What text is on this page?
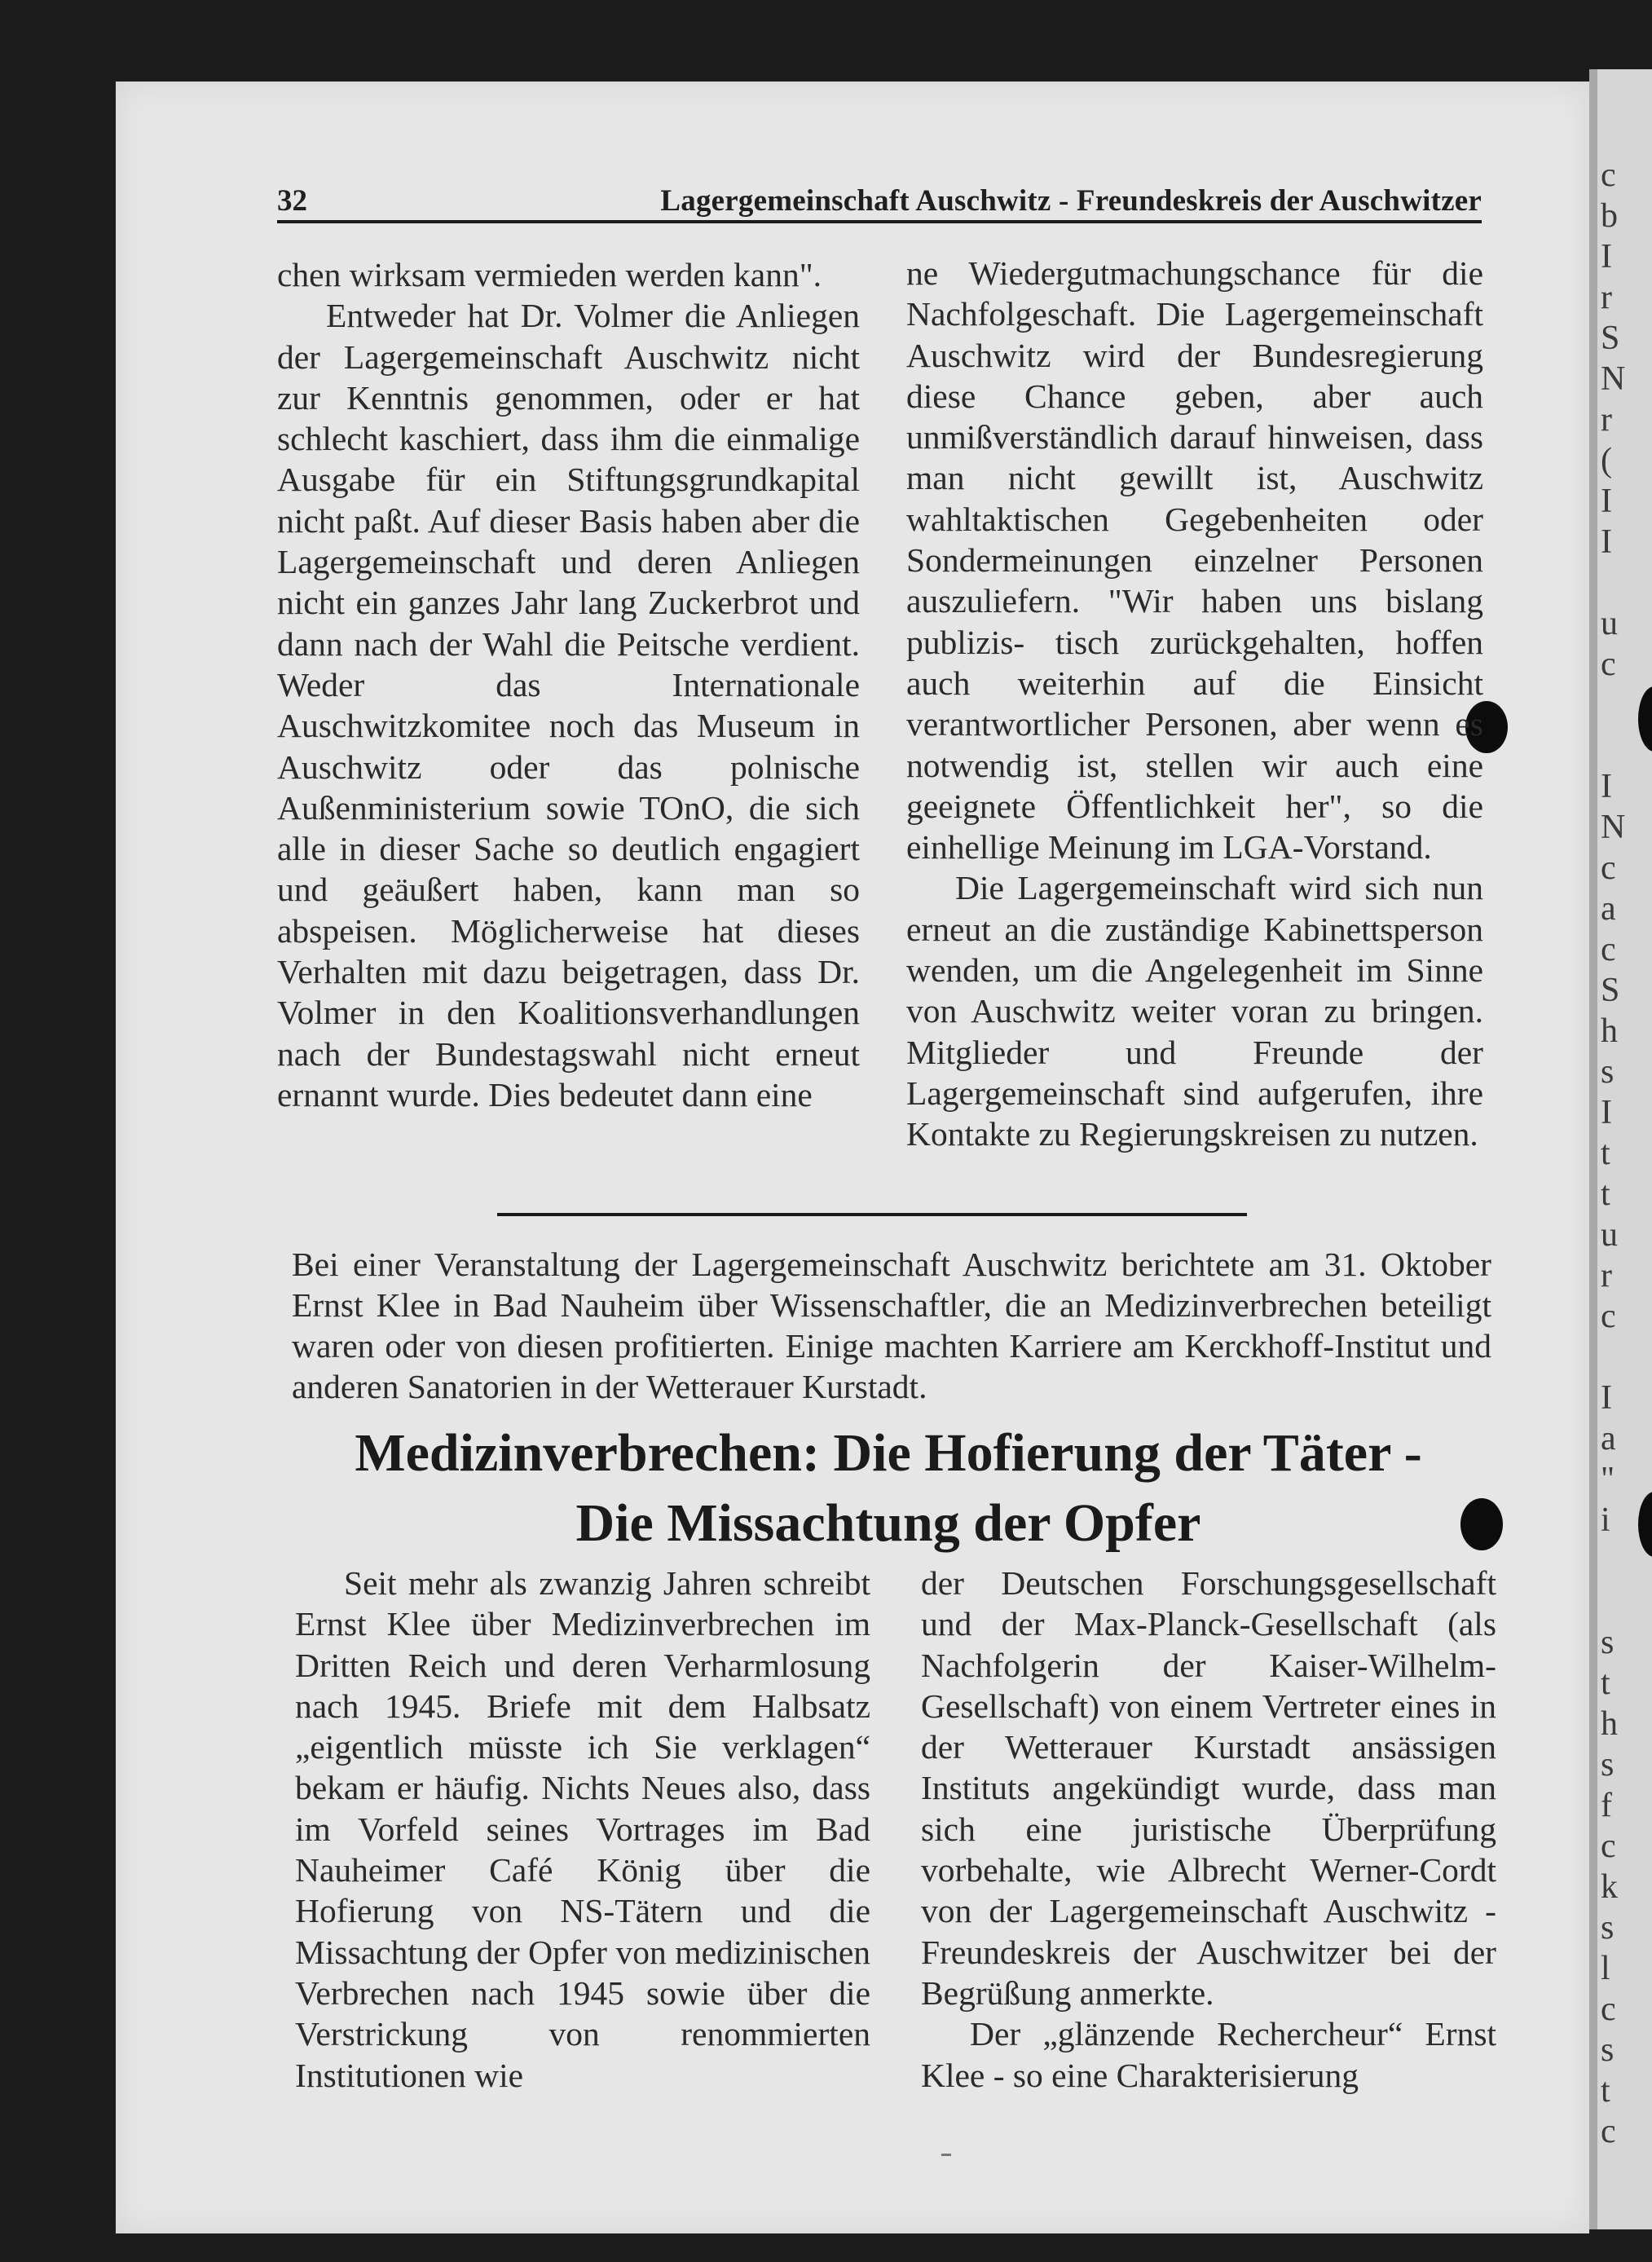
c
b
I
r
S
N
r
(
I
I

u
c

I
N
c
a
c
S
h
s
I
t
t
u
r
c

I
a
"
i

s
t
h
s
f
c
k
s
l
c
s
t
c
32	Lagergemeinschaft Auschwitz - Freundeskreis der Auschwitzer

chen wirksam vermieden werden kann".

Entweder hat Dr. Volmer die Anliegen der Lagergemeinschaft Auschwitz nicht zur Kenntnis genommen, oder er hat schlecht kaschiert, dass ihm die einmalige Ausgabe für ein Stiftungsgrundkapital nicht paßt. Auf dieser Basis haben aber die Lagergemeinschaft und deren Anliegen nicht ein ganzes Jahr lang Zuckerbrot und dann nach der Wahl die Peitsche verdient. Weder das Internationale Auschwitzkomitee noch das Museum in Auschwitz oder das polnische Außenministerium sowie TOnO, die sich alle in dieser Sache so deutlich engagiert und geäußert haben, kann man so abspeisen. Möglicherweise hat dieses Verhalten mit dazu beigetragen, dass Dr. Volmer in den Koalitionsverhandlungen nach der Bundestagswahl nicht erneut ernannt wurde. Dies bedeutet dann eine

ne Wiedergutmachungschance für die Nachfolgeschaft. Die Lagergemeinschaft Auschwitz wird der Bundesregierung diese Chance geben, aber auch unmißverständlich darauf hinweisen, dass man nicht gewillt ist, Auschwitz wahltaktischen Gegebenheiten oder Sondermeinungen einzelner Personen auszuliefern. "Wir haben uns bislang publizis- tisch zurückgehalten, hoffen auch weiterhin auf die Einsicht verantwortlicher Personen, aber wenn es notwendig ist, stellen wir auch eine geeignete Öffentlichkeit her", so die einhellige Meinung im LGA-Vorstand.

Die Lagergemeinschaft wird sich nun erneut an die zuständige Kabinettsperson wenden, um die Angelegenheit im Sinne von Auschwitz weiter voran zu bringen. Mitglieder und Freunde der Lagergemeinschaft sind aufgerufen, ihre Kontakte zu Regierungskreisen zu nutzen.

Bei einer Veranstaltung der Lagergemeinschaft Auschwitz berichtete am 31. Oktober Ernst Klee in Bad Nauheim über Wissenschaftler, die an Medizinverbrechen beteiligt waren oder von diesen profitierten. Einige machten Karriere am Kerckhoff-Institut und anderen Sanatorien in der Wetterauer Kurstadt.

Medizinverbrechen: Die Hofierung der Täter -
Die Missachtung der Opfer

Seit mehr als zwanzig Jahren schreibt Ernst Klee über Medizinverbrechen im Dritten Reich und deren Verharmlosung nach 1945. Briefe mit dem Halbsatz „eigentlich müsste ich Sie verklagen“ bekam er häufig. Nichts Neues also, dass im Vorfeld seines Vortrages im Bad Nauheimer Café König über die Hofierung von NS-Tätern und die Missachtung der Opfer von medizinischen Verbrechen nach 1945 sowie über die Verstrickung von renommierten Institutionen wie

der Deutschen Forschungsgesellschaft und der Max-Planck-Gesellschaft (als Nachfolgerin der Kaiser-Wilhelm-Gesellschaft) von einem Vertreter eines in der Wetterauer Kurstadt ansässigen Instituts angekündigt wurde, dass man sich eine juristische Überprüfung vorbehalte, wie Albrecht Werner-Cordt von der Lagergemeinschaft Auschwitz - Freundeskreis der Auschwitzer bei der Begrüßung anmerkte.

Der „glänzende Rechercheur“ Ernst Klee - so eine Charakterisierung
